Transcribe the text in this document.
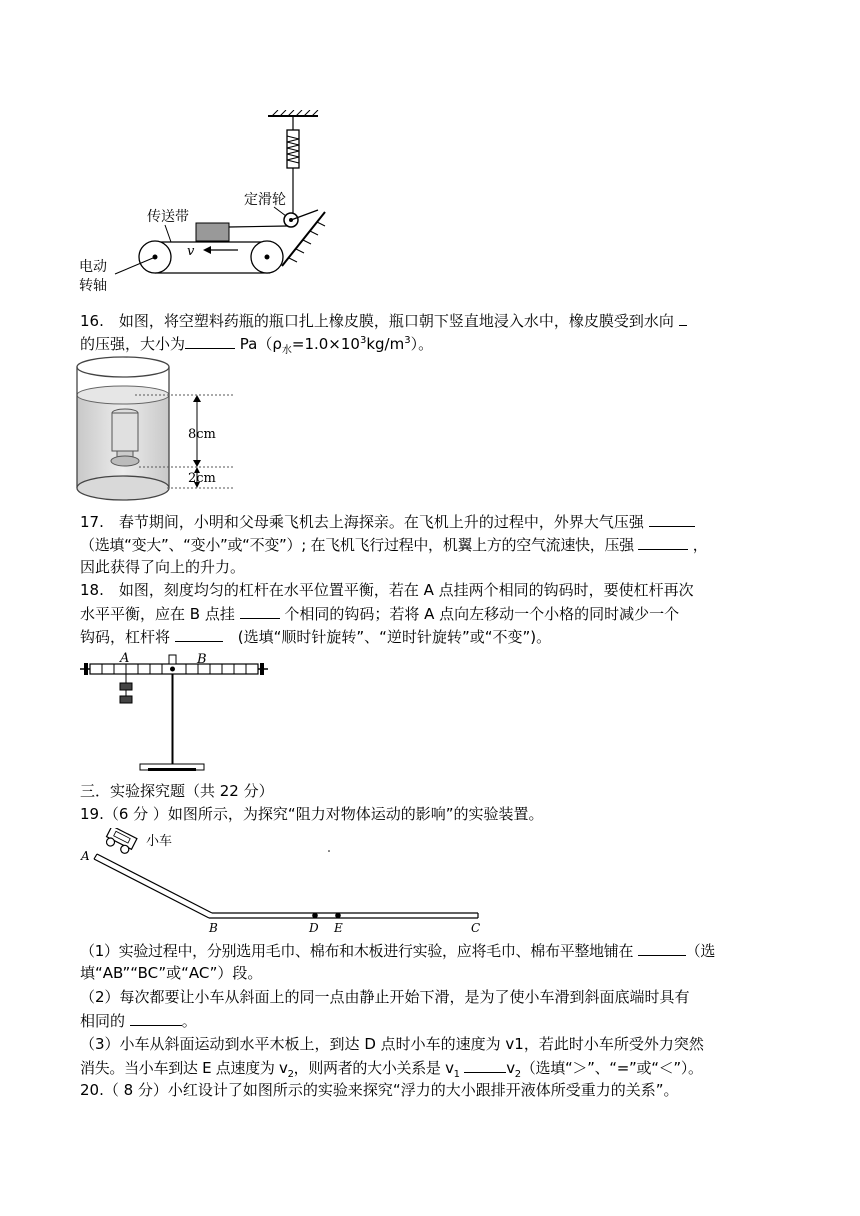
v
传送带
定滑轮
电动
转轴
16.　如图，将空塑料药瓶的瓶口扎上橡皮膜，瓶口朝下竖直地浸入水中，橡皮膜受到水向
的压强，大小为	$Pa(\rho_水=1.0\times 10^3kg/m^3)$。
8cm
2cm
17.　春节期间，小明和父母乘飞机去上海探亲。在飞机上升的过程中，外界大气压强
（选填“变大”、“变小”或“不变”）; 在飞机飞行过程中，机翼上方的空气流速快，压强	，
因此获得了向上的升力。
18.　如图，刻度均匀的杠杆在水平位置平衡，若在 A 点挂两个相同的钩码时，要使杠杆再次
水平平衡，应在 B 点挂	个相同的钩码；若将 A 点向左移动一个小格的同时减少一个
钩码，杠杆将	　(选填“顺时针旋转”、“逆时针旋转”或“不变”)。
A	B
三．实验探究题（共 22 分）
19.（6 分 ）如图所示，为探究“阻力对物体运动的影响”的实验装置。
小车
A
B	D E	C
（1）实验过程中，分别选用毛巾、棉布和木板进行实验，应将毛巾、棉布平整地铺在	（选
填“AB”“BC”或“AC”）段。
（2）每次都要让小车从斜面上的同一点由静止开始下滑，是为了使小车滑到斜面底端时具有
相同的	。
（3）小车从斜面运动到水平木板上，到达 D 点时小车的速度为 v1，若此时小车所受外力突然
消失。当小车到达 E 点速度为 $v_2$，则两者的大小关系是 $v_1$	$v_2$（选填“＞”、“=”或“＜”）。
20.（ 8 分）小红设计了如图所示的实验来探究“浮力的大小跟排开液体所受重力的关系”。
